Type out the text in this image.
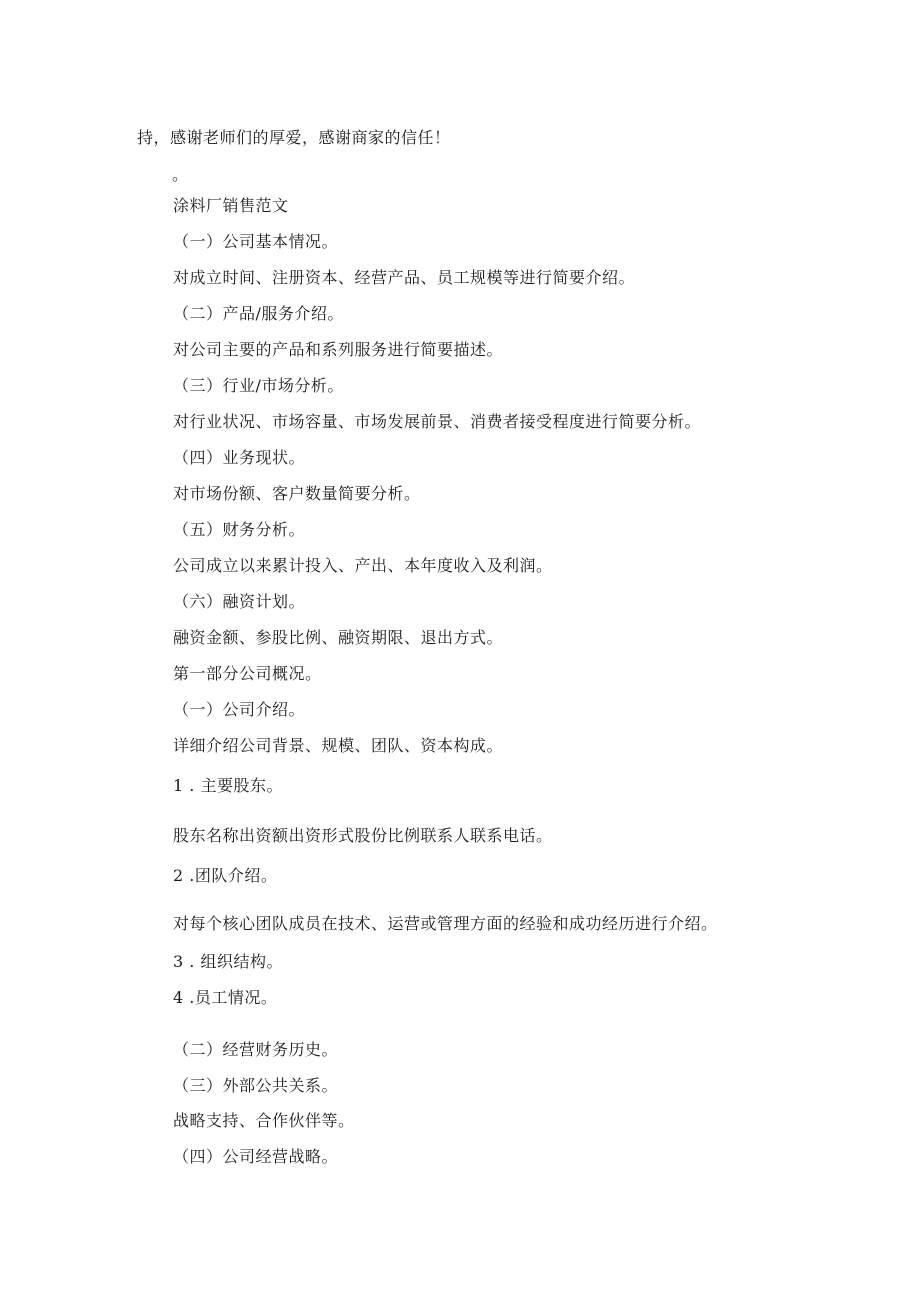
持，感谢老师们的厚爱，感谢商家的信任！
。
涂料厂销售范文
（一）公司基本情况。
对成立时间、注册资本、经营产品、员工规模等进行简要介绍。
（二）产品/服务介绍。
对公司主要的产品和系列服务进行简要描述。
（三）行业/市场分析。
对行业状况、市场容量、市场发展前景、消费者接受程度进行简要分析。
（四）业务现状。
对市场份额、客户数量简要分析。
（五）财务分析。
公司成立以来累计投入、产出、本年度收入及利润。
（六）融资计划。
融资金额、参股比例、融资期限、退出方式。
第一部分公司概况。
（一）公司介绍。
详细介绍公司背景、规模、团队、资本构成。
1 . 主要股东。
股东名称出资额出资形式股份比例联系人联系电话。
2 .团队介绍。
对每个核心团队成员在技术、运营或管理方面的经验和成功经历进行介绍。
3 . 组织结构。
4 .员工情况。
（二）经营财务历史。
（三）外部公共关系。
战略支持、合作伙伴等。
（四）公司经营战略。
